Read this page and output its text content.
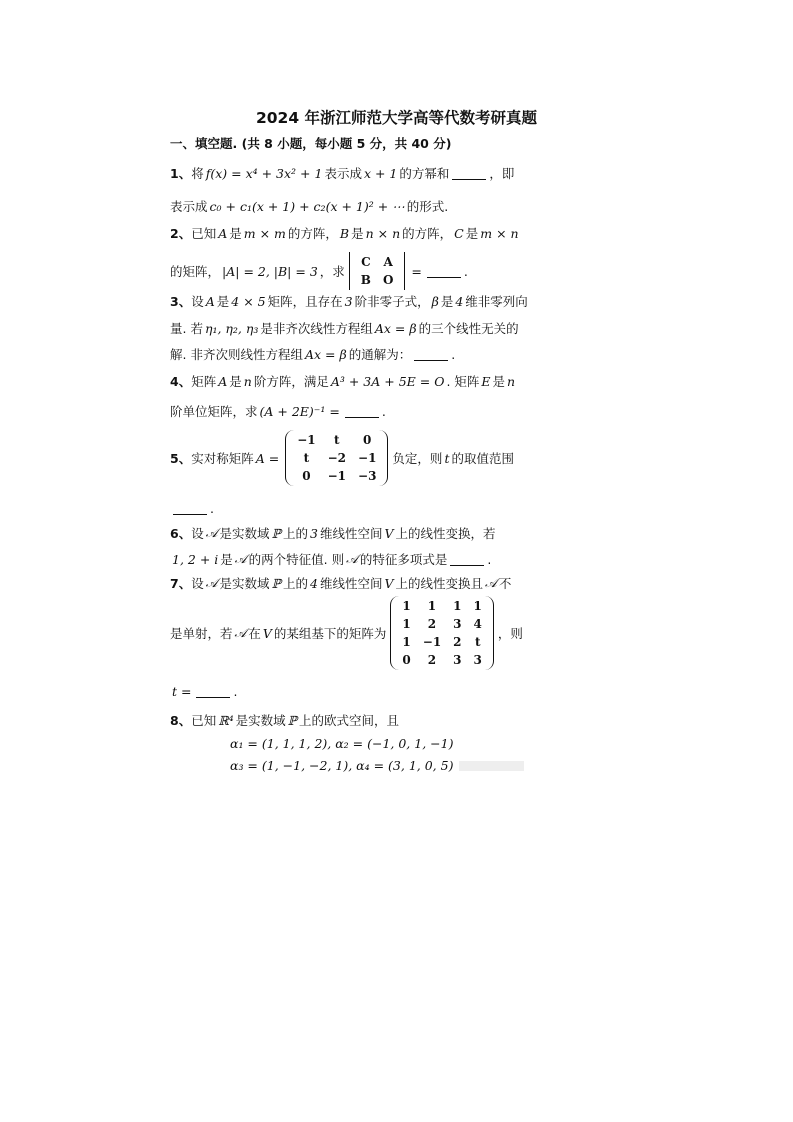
2024 年浙江师范大学高等代数考研真题
一、填空题. (共 8 小题，每小题 5 分，共 40 分)
1、 将 f(x) = x⁴ + 3x² + 1 表示成 x + 1 的方幂和	，即
表示成 c₀ + c₁(x + 1) + c₂(x + 1)² + ⋯ 的形式.
2、 已知 A 是 m × m 的方阵， B 是 n × n 的方阵， C 是 m × n
的矩阵， |A| = 2, |B| = 3 ，求
C	A
B	O
=	.
3、 设 A 是 4 × 5 矩阵，且存在 3 阶非零子式， β 是 4 维非零列向
量. 若 η₁, η₂, η₃ 是非齐次线性方程组 Ax = β 的三个线性无关的
解. 非齐次则线性方程组 Ax = β 的通解为：	.
4、 矩阵 A 是 n 阶方阵，满足 A³ + 3A + 5E = O . 矩阵 E 是 n
阶单位矩阵，求 (A + 2E)⁻¹ =	.
5、 实对称矩阵 A =
−1	t	0
t	−2	−1
0	−1	−3
负定，则 t 的取值范围
.
6、 设 𝒜 是实数域 ℙ 上的 3 维线性空间 V 上的线性变换，若
1, 2 + i 是 𝒜 的两个特征值. 则 𝒜 的特征多项式是	.
7、 设 𝒜 是实数域 ℙ 上的 4 维线性空间 V 上的线性变换且 𝒜 不
是单射，若 𝒜 在 V 的某组基下的矩阵为
1	1	1	1
1	2	3	4
1	−1	2	t
0	2	3	3
，则
t =	.
8、 已知 ℝ⁴ 是实数域 ℙ 上的欧式空间，且
α₁ = (1, 1, 1, 2), α₂ = (−1, 0, 1, −1)
α₃ = (1, −1, −2, 1), α₄ = (3, 1, 0, 5)
